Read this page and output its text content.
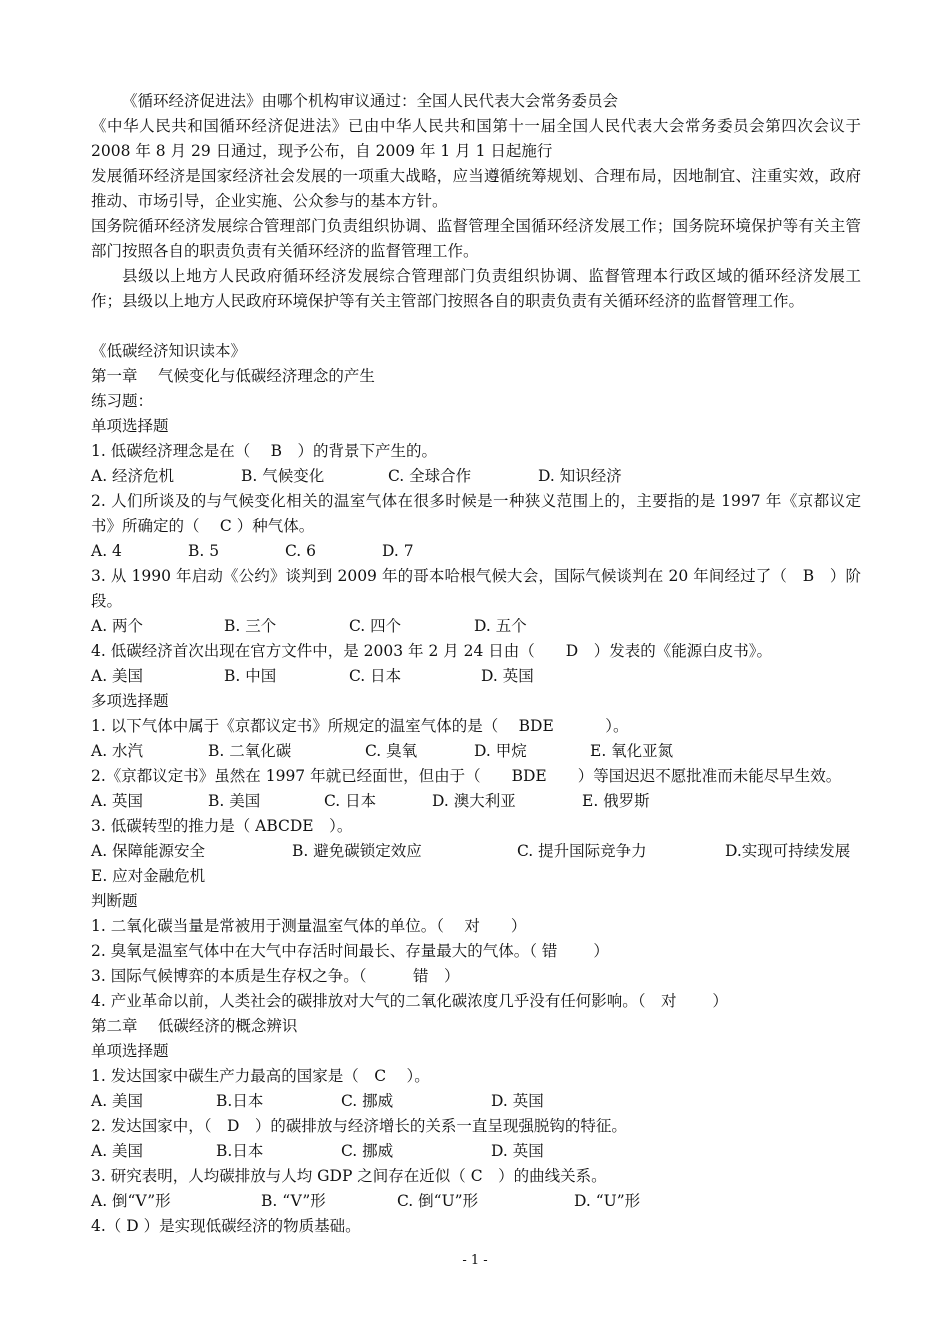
《循环经济促进法》由哪个机构审议通过：全国人民代表大会常务委员会
《中华人民共和国循环经济促进法》已由中华人民共和国第十一届全国人民代表大会常务委员会第四次会议于 2008 年 8 月 29 日通过，现予公布，自 2009 年 1 月 1 日起施行
发展循环经济是国家经济社会发展的一项重大战略，应当遵循统筹规划、合理布局，因地制宜、注重实效，政府推动、市场引导，企业实施、公众参与的基本方针。
国务院循环经济发展综合管理部门负责组织协调、监督管理全国循环经济发展工作；国务院环境保护等有关主管部门按照各自的职责负责有关循环经济的监督管理工作。
县级以上地方人民政府循环经济发展综合管理部门负责组织协调、监督管理本行政区域的循环经济发展工作；县级以上地方人民政府环境保护等有关主管部门按照各自的职责负责有关循环经济的监督管理工作。
《低碳经济知识读本》
第一章　 气候变化与低碳经济理念的产生
练习题：
单项选择题
1. 低碳经济理念是在（　 B　）的背景下产生的。
A. 经济危机	B. 气候变化	C. 全球合作	D. 知识经济
2. 人们所谈及的与气候变化相关的温室气体在很多时候是一种狭义范围上的，主要指的是 1997 年《京都议定书》所确定的（　 C ）种气体。
A. 4	B. 5	C. 6	D. 7
3. 从 1990 年启动《公约》谈判到 2009 年的哥本哈根气候大会，国际气候谈判在 20 年间经过了（　B　）阶段。
A. 两个	B. 三个	C. 四个	D. 五个
4. 低碳经济首次出现在官方文件中，是 2003 年 2 月 24 日由（　　D　）发表的《能源白皮书》。
A. 美国	B. 中国	C. 日本	D. 英国
多项选择题
1. 以下气体中属于《京都议定书》所规定的温室气体的是（　 BDE　　　 ）。
A. 水汽	B. 二氧化碳	C. 臭氧	D. 甲烷	E. 氧化亚氮
2.《京都议定书》虽然在 1997 年就已经面世，但由于（　　BDE　　）等国迟迟不愿批准而未能尽早生效。
A. 英国	B. 美国	C. 日本	D. 澳大利亚	E. 俄罗斯
3. 低碳转型的推力是（ ABCDE　）。
A. 保障能源安全	B. 避免碳锁定效应	C. 提升国际竞争力	D.实现可持续发展
E. 应对金融危机
判断题
1. 二氧化碳当量是常被用于测量温室气体的单位。（　 对　　）
2. 臭氧是温室气体中在大气中存活时间最长、存量最大的气体。（ 错　　 ）
3. 国际气候博弈的本质是生存权之争。（　　　错　）
4. 产业革命以前，人类社会的碳排放对大气的二氧化碳浓度几乎没有任何影响。（　对　　 ）
第二章　 低碳经济的概念辨识
单项选择题
1. 发达国家中碳生产力最高的国家是（　C　 ）。
A. 美国	B.日本	C. 挪威	D. 英国
2. 发达国家中，（　D　）的碳排放与经济增长的关系一直呈现强脱钩的特征。
A. 美国	B.日本	C. 挪威	D. 英国
3. 研究表明，人均碳排放与人均 GDP 之间存在近似（ C　）的曲线关系。
A. 倒“V”形	B. “V”形	C. 倒“U”形	D. “U”形
4.（ D ）是实现低碳经济的物质基础。
- 1 -
